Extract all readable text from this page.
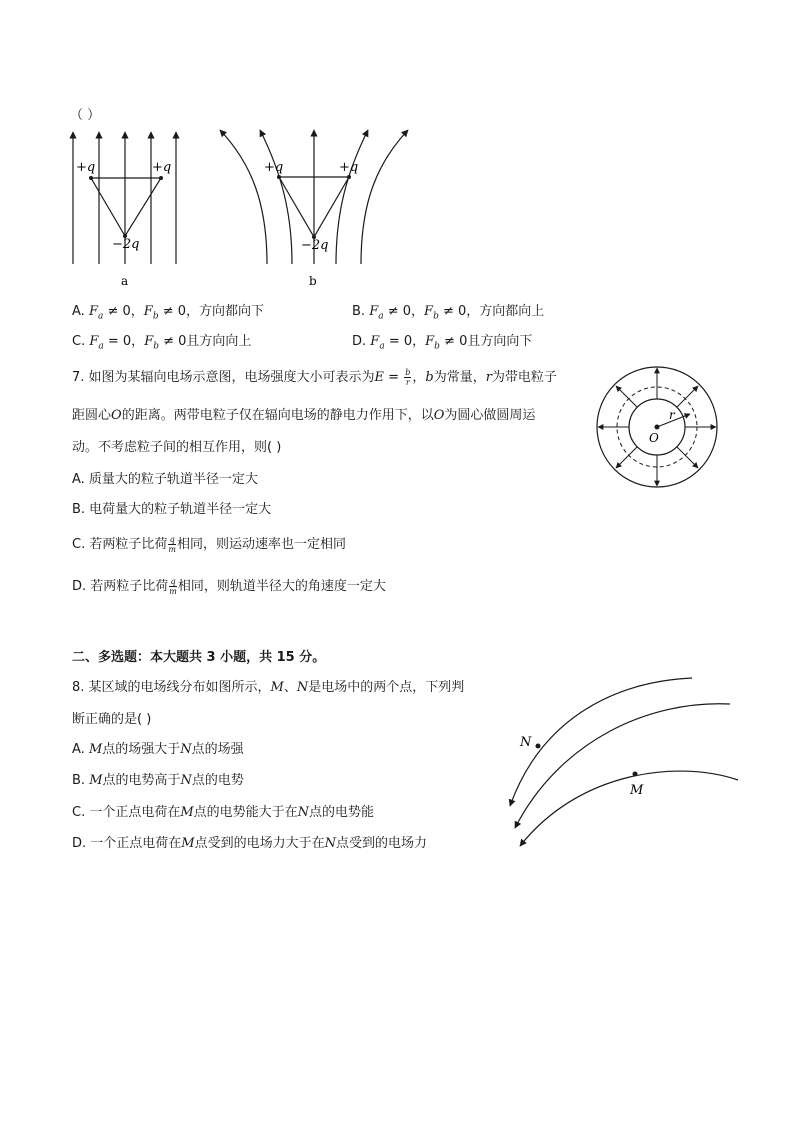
（ ）
+q	+q
−2q
a
+q	+q
−2q
b
A. $F_a \ne 0$，$F_b \ne 0$，方向都向下	B. $F_a \ne 0$，$F_b \ne 0$，方向都向上
C. $F_a = 0$，$F_b \ne 0$且方向向上	D. $F_a = 0$，$F_b \ne 0$且方向向下
7. 如图为某辐向电场示意图，电场强度大小可表示为$E = \frac{b}{r}$ ，b为常量，r为带电粒子
距圆心O的距离。两带电粒子仅在辐向电场的静电力作用下，以O为圆心做圆周运
动。不考虑粒子间的相互作用，则( )
r
O
A. 质量大的粒子轨道半径一定大
B. 电荷量大的粒子轨道半径一定大
C. 若两粒子比荷 $\frac{q}{m}$ 相同，则运动速率也一定相同
D. 若两粒子比荷 $\frac{q}{m}$ 相同，则轨道半径大的角速度一定大
二、多选题：本大题共 3 小题，共 15 分。
8. 某区域的电场线分布如图所示，M、N是电场中的两个点，下列判
断正确的是( )
A. M点的场强大于N点的场强
B. M点的电势高于N点的电势
C. 一个正点电荷在M点的电势能大于在N点的电势能
D. 一个正点电荷在M点受到的电场力大于在N点受到的电场力
N
M
